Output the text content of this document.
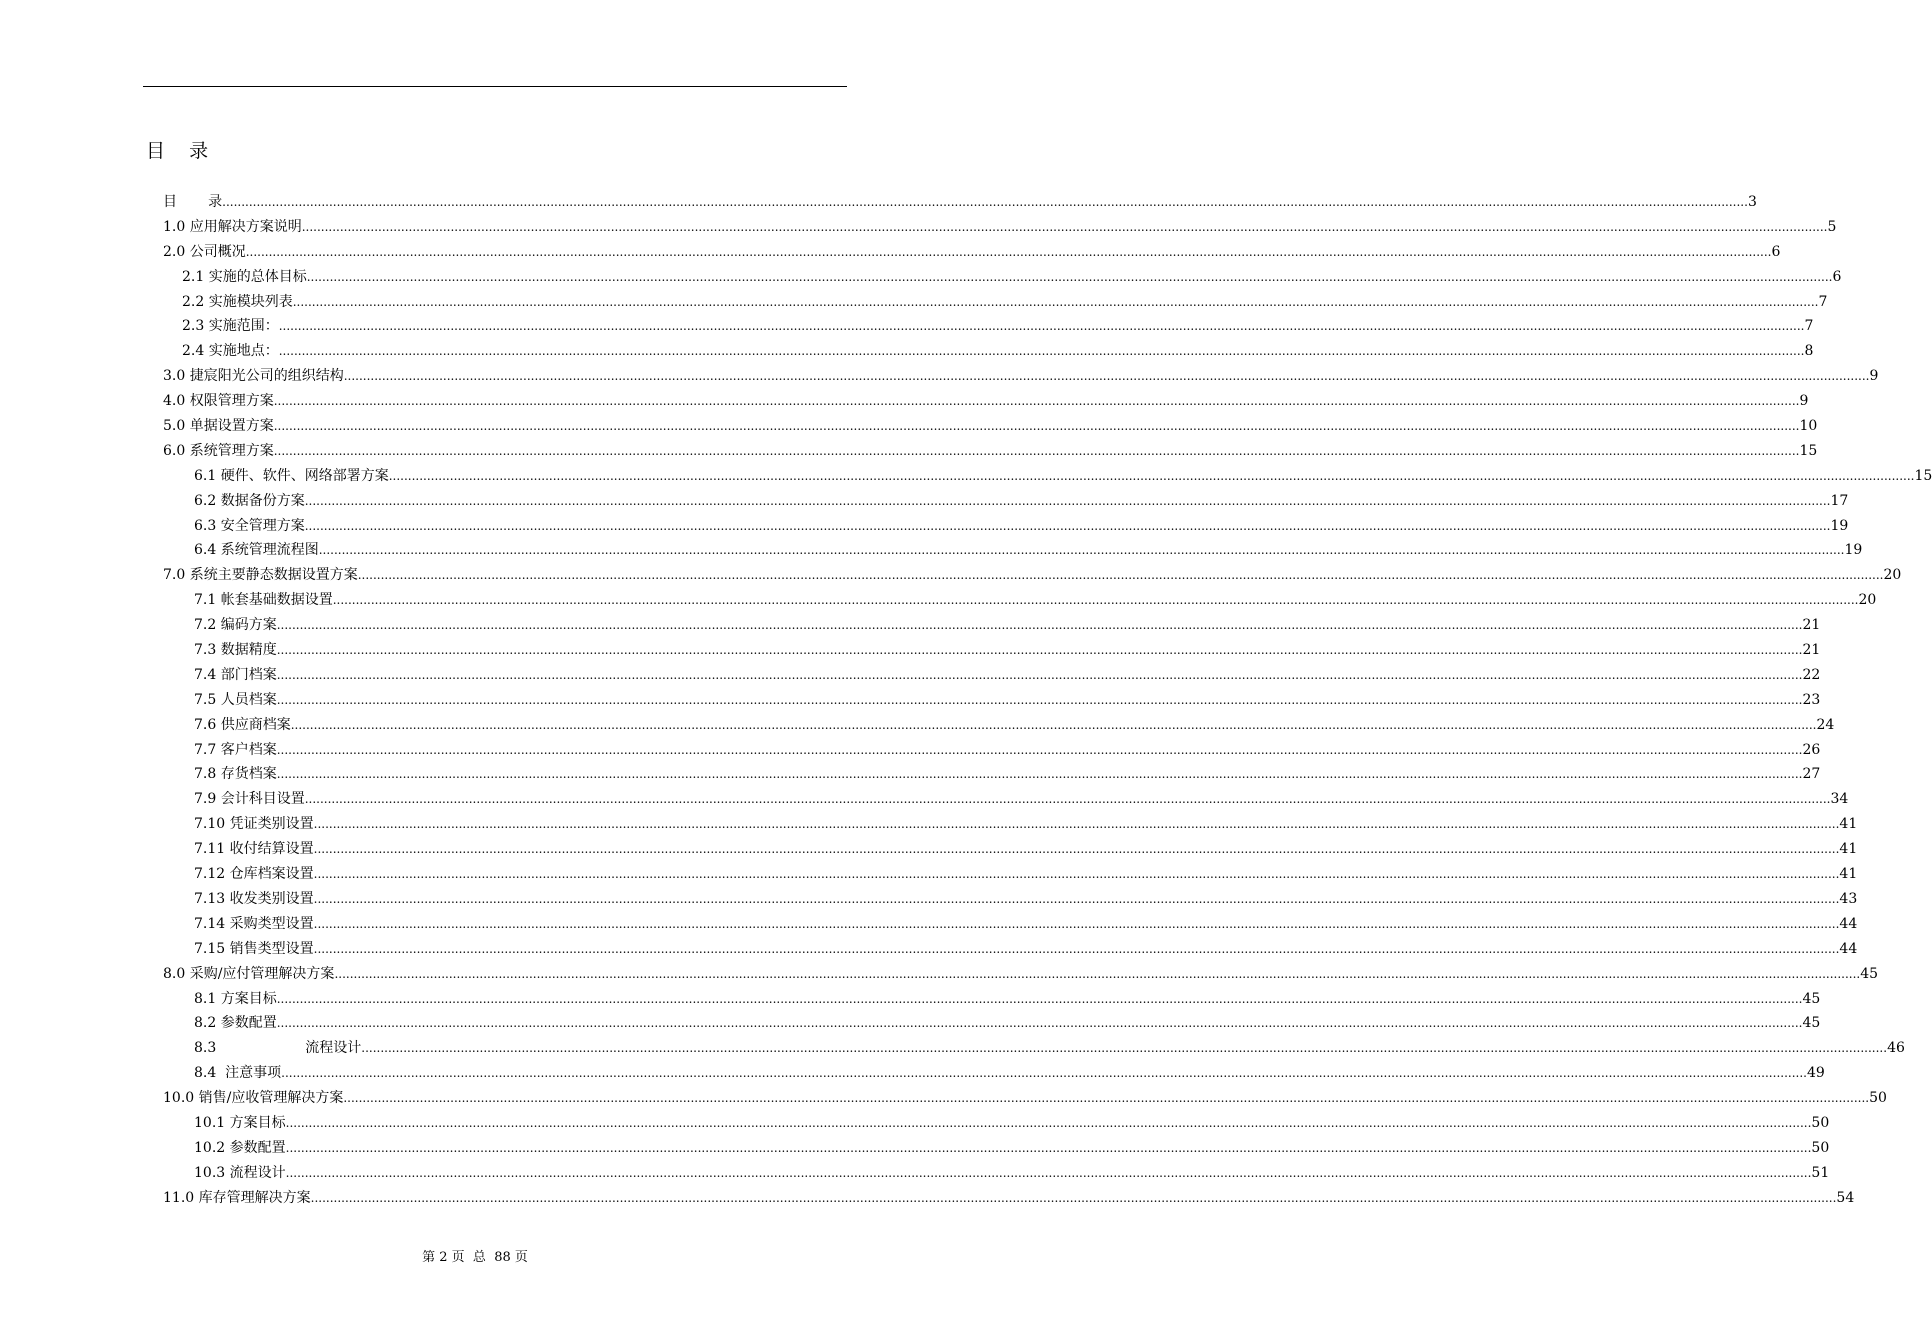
目    录
目       录 ................................................................................................................................................................................................................................................................................................................................................................................................................ 3
1.0 应用解决方案说明 ................................................................................................................................................................................................................................................................................................................................................................................................................ 5
2.0 公司概况 ................................................................................................................................................................................................................................................................................................................................................................................................................ 6
2.1 实施的总体目标 ................................................................................................................................................................................................................................................................................................................................................................................................................ 6
2.2 实施模块列表 ................................................................................................................................................................................................................................................................................................................................................................................................................ 7
2.3 实施范围： ................................................................................................................................................................................................................................................................................................................................................................................................................ 7
2.4 实施地点： ................................................................................................................................................................................................................................................................................................................................................................................................................ 8
3.0 捷宸阳光公司的组织结构 ................................................................................................................................................................................................................................................................................................................................................................................................................ 9
4.0 权限管理方案 ................................................................................................................................................................................................................................................................................................................................................................................................................ 9
5.0 单据设置方案 ................................................................................................................................................................................................................................................................................................................................................................................................................ 10
6.0 系统管理方案 ................................................................................................................................................................................................................................................................................................................................................................................................................ 15
6.1 硬件、软件、网络部署方案 ................................................................................................................................................................................................................................................................................................................................................................................................................ 15
6.2 数据备份方案 ................................................................................................................................................................................................................................................................................................................................................................................................................ 17
6.3 安全管理方案 ................................................................................................................................................................................................................................................................................................................................................................................................................ 19
6.4 系统管理流程图 ................................................................................................................................................................................................................................................................................................................................................................................................................ 19
7.0 系统主要静态数据设置方案 ................................................................................................................................................................................................................................................................................................................................................................................................................ 20
7.1 帐套基础数据设置 ................................................................................................................................................................................................................................................................................................................................................................................................................ 20
7.2 编码方案 ................................................................................................................................................................................................................................................................................................................................................................................................................ 21
7.3 数据精度 ................................................................................................................................................................................................................................................................................................................................................................................................................ 21
7.4 部门档案 ................................................................................................................................................................................................................................................................................................................................................................................................................ 22
7.5 人员档案 ................................................................................................................................................................................................................................................................................................................................................................................................................ 23
7.6 供应商档案 ................................................................................................................................................................................................................................................................................................................................................................................................................ 24
7.7 客户档案 ................................................................................................................................................................................................................................................................................................................................................................................................................ 26
7.8 存货档案 ................................................................................................................................................................................................................................................................................................................................................................................................................ 27
7.9 会计科目设置 ................................................................................................................................................................................................................................................................................................................................................................................................................ 34
7.10 凭证类别设置 ................................................................................................................................................................................................................................................................................................................................................................................................................ 41
7.11 收付结算设置 ................................................................................................................................................................................................................................................................................................................................................................................................................ 41
7.12 仓库档案设置 ................................................................................................................................................................................................................................................................................................................................................................................................................ 41
7.13 收发类别设置 ................................................................................................................................................................................................................................................................................................................................................................................................................ 43
7.14 采购类型设置 ................................................................................................................................................................................................................................................................................................................................................................................................................ 44
7.15 销售类型设置 ................................................................................................................................................................................................................................................................................................................................................................................................................ 44
8.0 采购/应付管理解决方案 ................................................................................................................................................................................................................................................................................................................................................................................................................ 45
8.1 方案目标 ................................................................................................................................................................................................................................................................................................................................................................................................................ 45
8.2 参数配置 ................................................................................................................................................................................................................................................................................................................................................................................................................ 45
8.3                    流程设计 ................................................................................................................................................................................................................................................................................................................................................................................................................ 46
8.4  注意事项 ................................................................................................................................................................................................................................................................................................................................................................................................................ 49
10.0 销售/应收管理解决方案 ................................................................................................................................................................................................................................................................................................................................................................................................................ 50
10.1 方案目标 ................................................................................................................................................................................................................................................................................................................................................................................................................ 50
10.2 参数配置 ................................................................................................................................................................................................................................................................................................................................................................................................................ 50
10.3 流程设计 ................................................................................................................................................................................................................................................................................................................................................................................................................ 51
11.0 库存管理解决方案 ................................................................................................................................................................................................................................................................................................................................................................................................................ 54
第 2 页  总  88 页
